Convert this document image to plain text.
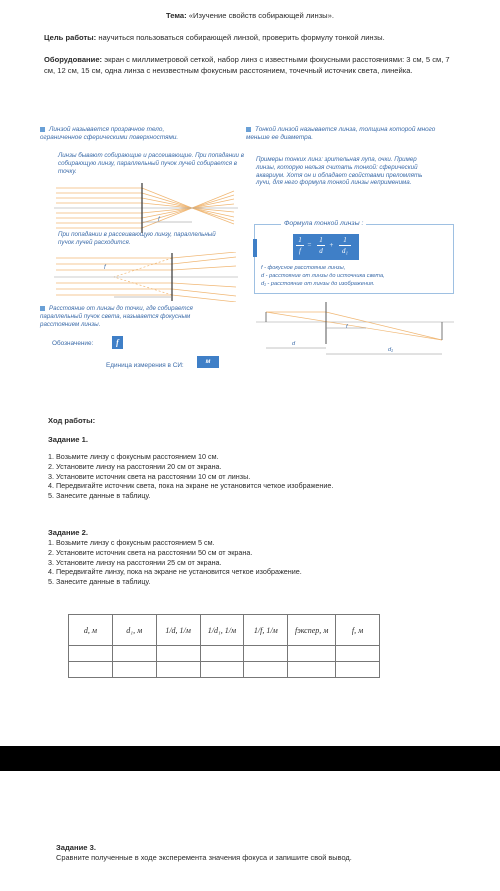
Тема: «Изучение свойств собирающей линзы».
Цель работы: научиться пользоваться собирающей линзой, проверить формулу тонкой линзы.
Оборудование: экран с миллиметровой сеткой, набор линз с известными фокусными расстояниями: 3 см, 5 см, 7 см, 12 см, 15 см, одна линза с неизвестным фокусным расстоянием, точечный источник света, линейка.
Линзой называется прозрачное тело, ограниченное сферическими поверхностями.
Линзы бывают собирающие и рассеивающие. При попадании в собирающую линзу, параллельный пучок лучей собирается в точку.
f
При попадании в рассеивающую линзу, параллельный пучок лучей расходится.
f
Расстояние от линзы до точки, где собирается параллельный пучок света, называется фокусным расстоянием линзы.
Обозначение:	f
Единица измерения в СИ:
м
Тонкой линзой называется линза, толщина которой много меньше ее диаметра.
Примеры тонких линз: зрительная лупа, очки. Пример линзы, которую нельзя считать тонкой: сферический аквариум. Хотя он и обладает свойствами преломлять лучи, для него формула тонкой линзы неприменима.
Формула тонкой линзы :
1
f
=
1
d
+
1
d₁
f - фокусное расстояние линзы,
d - расстояние от линзы до источника света,
d₁ - расстояние от линзы до изображения.
f
d
d₁
Ход работы:
Задание 1.
1. Возьмите линзу с фокусным расстоянием 10 см.
2. Установите линзу на расстоянии 20 см от экрана.
3. Установите источник света на расстоянии 10 см от линзы.
4. Передвигайте источник света, пока на экране не установится четкое изображение.
5. Занесите данные в таблицу.
Задание 2.
1. Возьмите линзу с фокусным расстоянием 5 см.
2. Установите источник света на расстоянии 50 см от экрана.
3. Установите линзу на расстоянии 25 см от экрана.
4. Передвигайте линзу, пока на экране не установится четкое изображение.
5. Занесите данные в таблицу.
d, м	d₁, м	1/d, 1/м	1/d₁, 1/м	1/f, 1/м	fэкспер, м	f, м

Задание 3.
Сравните полученные в ходе эксперемента значения фокуса и запишите свой вывод.
